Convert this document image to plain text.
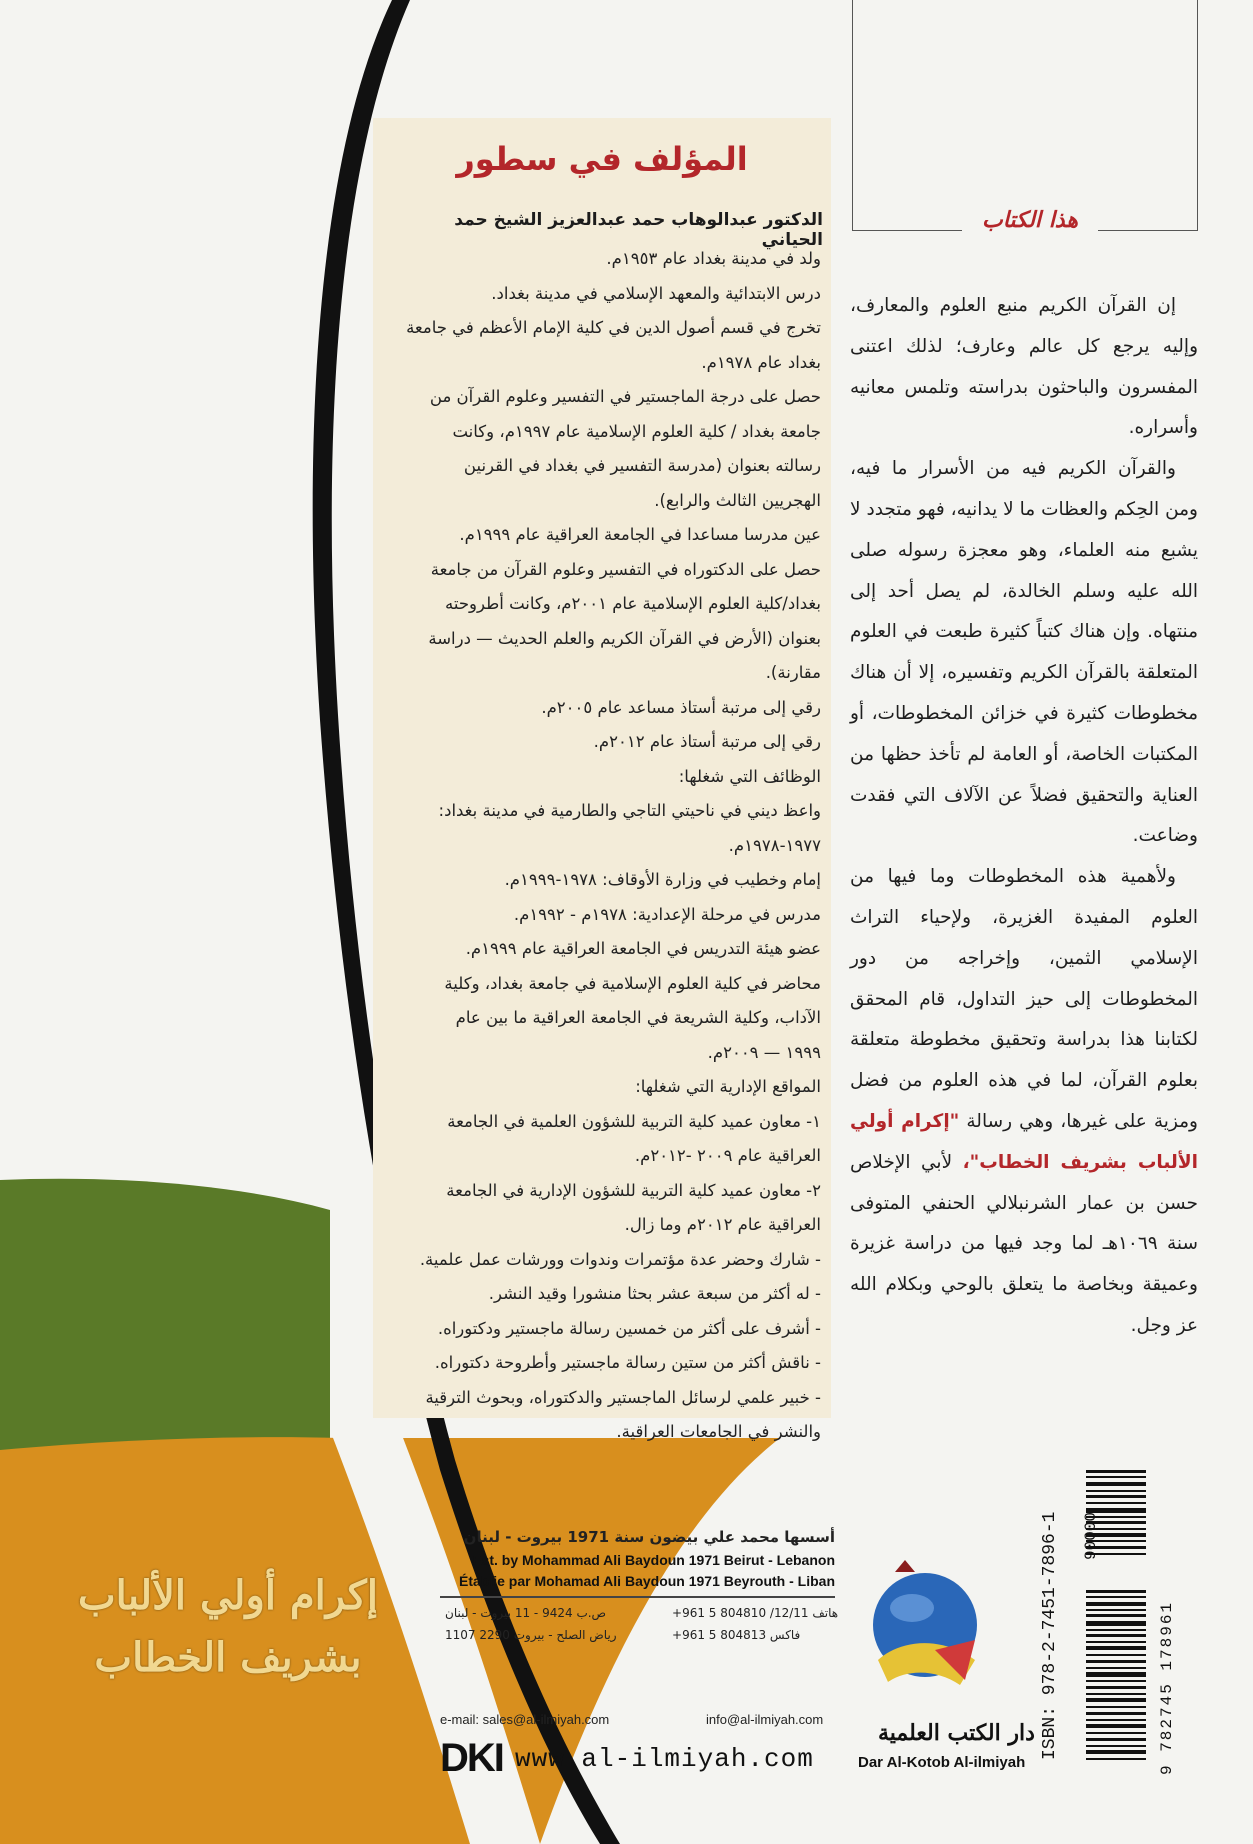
المؤلف في سطور
الدكتور عبدالوهاب حمد عبدالعزيز الشيخ حمد الحياني
ولد في مدينة بغداد عام ١٩٥٣م.
درس الابتدائية والمعهد الإسلامي في مدينة بغداد.
تخرج في قسم أصول الدين في كلية الإمام الأعظم في جامعة
بغداد عام ١٩٧٨م.
حصل على درجة الماجستير في التفسير وعلوم القرآن من
جامعة بغداد / كلية العلوم الإسلامية عام ١٩٩٧م، وكانت
رسالته بعنوان (مدرسة التفسير في بغداد في القرنين
الهجريين الثالث والرابع).
عين مدرسا مساعدا في الجامعة العراقية عام ١٩٩٩م.
حصل على الدكتوراه في التفسير وعلوم القرآن من جامعة
بغداد/كلية العلوم الإسلامية عام ٢٠٠١م، وكانت أطروحته
بعنوان (الأرض في القرآن الكريم والعلم الحديث — دراسة
مقارنة).
رقي إلى مرتبة أستاذ مساعد عام ٢٠٠٥م.
رقي إلى مرتبة أستاذ عام ٢٠١٢م.
الوظائف التي شغلها:
واعظ ديني في ناحيتي التاجي والطارمية في مدينة بغداد:
١٩٧٧-١٩٧٨م.
إمام وخطيب في وزارة الأوقاف: ١٩٧٨-١٩٩٩م.
مدرس في مرحلة الإعدادية: ١٩٧٨م - ١٩٩٢م.
عضو هيئة التدريس في الجامعة العراقية عام ١٩٩٩م.
محاضر في كلية العلوم الإسلامية في جامعة بغداد، وكلية
الآداب، وكلية الشريعة في الجامعة العراقية ما بين عام
١٩٩٩ — ٢٠٠٩م.
المواقع الإدارية التي شغلها:
١- معاون عميد كلية التربية للشؤون العلمية في الجامعة
العراقية عام ٢٠٠٩ -٢٠١٢م.
٢- معاون عميد كلية التربية للشؤون الإدارية في الجامعة
العراقية عام ٢٠١٢م وما زال.
- شارك وحضر عدة مؤتمرات وندوات وورشات عمل علمية.
- له أكثر من سبعة عشر بحثا منشورا وقيد النشر.
- أشرف على أكثر من خمسين رسالة ماجستير ودكتوراه.
- ناقش أكثر من ستين رسالة ماجستير وأطروحة دكتوراه.
- خبير علمي لرسائل الماجستير والدكتوراه، وبحوث الترقية
والنشر في الجامعات العراقية.
هذا الكتاب

إن القرآن الكريم منبع العلوم والمعارف، وإليه يرجع كل عالم وعارف؛ لذلك اعتنى المفسرون والباحثون بدراسته وتلمس معانيه وأسراره.

والقرآن الكريم فيه من الأسرار ما فيه، ومن الحِكم والعظات ما لا يدانيه، فهو متجدد لا يشبع منه العلماء، وهو معجزة رسوله صلى الله عليه وسلم الخالدة، لم يصل أحد إلى منتهاه. وإن هناك كتباً كثيرة طبعت في العلوم المتعلقة بالقرآن الكريم وتفسيره، إلا أن هناك مخطوطات كثيرة في خزائن المخطوطات، أو المكتبات الخاصة، أو العامة لم تأخذ حظها من العناية والتحقيق فضلاً عن الآلاف التي فقدت وضاعت.

ولأهمية هذه المخطوطات وما فيها من العلوم المفيدة الغزيرة، ولإحياء التراث الإسلامي الثمين، وإخراجه من دور المخطوطات إلى حيز التداول، قام المحقق لكتابنا هذا بدراسة وتحقيق مخطوطة متعلقة بعلوم القرآن، لما في هذه العلوم من فضل ومزية على غيرها، وهي رسالة "إكرام أولي الألباب بشريف الخطاب"، لأبي الإخلاص حسن بن عمار الشرنبلالي الحنفي المتوفى سنة ١٠٦٩هـ لما وجد فيها من دراسة غزيرة وعميقة وبخاصة ما يتعلق بالوحي وبكلام الله عز وجل.

إكرام أولي الألباب
بشريف الخطاب
أسسها محمد علي بيضون سنة 1971 بيروت - لبنان
Est. by Mohammad Ali Baydoun 1971 Beirut - Lebanon
Établie par Mohamad Ali Baydoun 1971 Beyrouth - Liban
ص.ب 9424 - 11 بيروت - لبنان
رياض الصلح - بيروت 2290 1107
هاتف 12/11/ 804810 5 961+
فاكس 804813 5 961+
e-mail: sales@al-ilmiyah.com	info@al-ilmiyah.com
DKI www.al-ilmiyah.com
دار الكتب العلمية
Dar Al-Kotob Al-ilmiyah
ISBN: 978-2-7451-7896-1 90000
9 782745 178961
